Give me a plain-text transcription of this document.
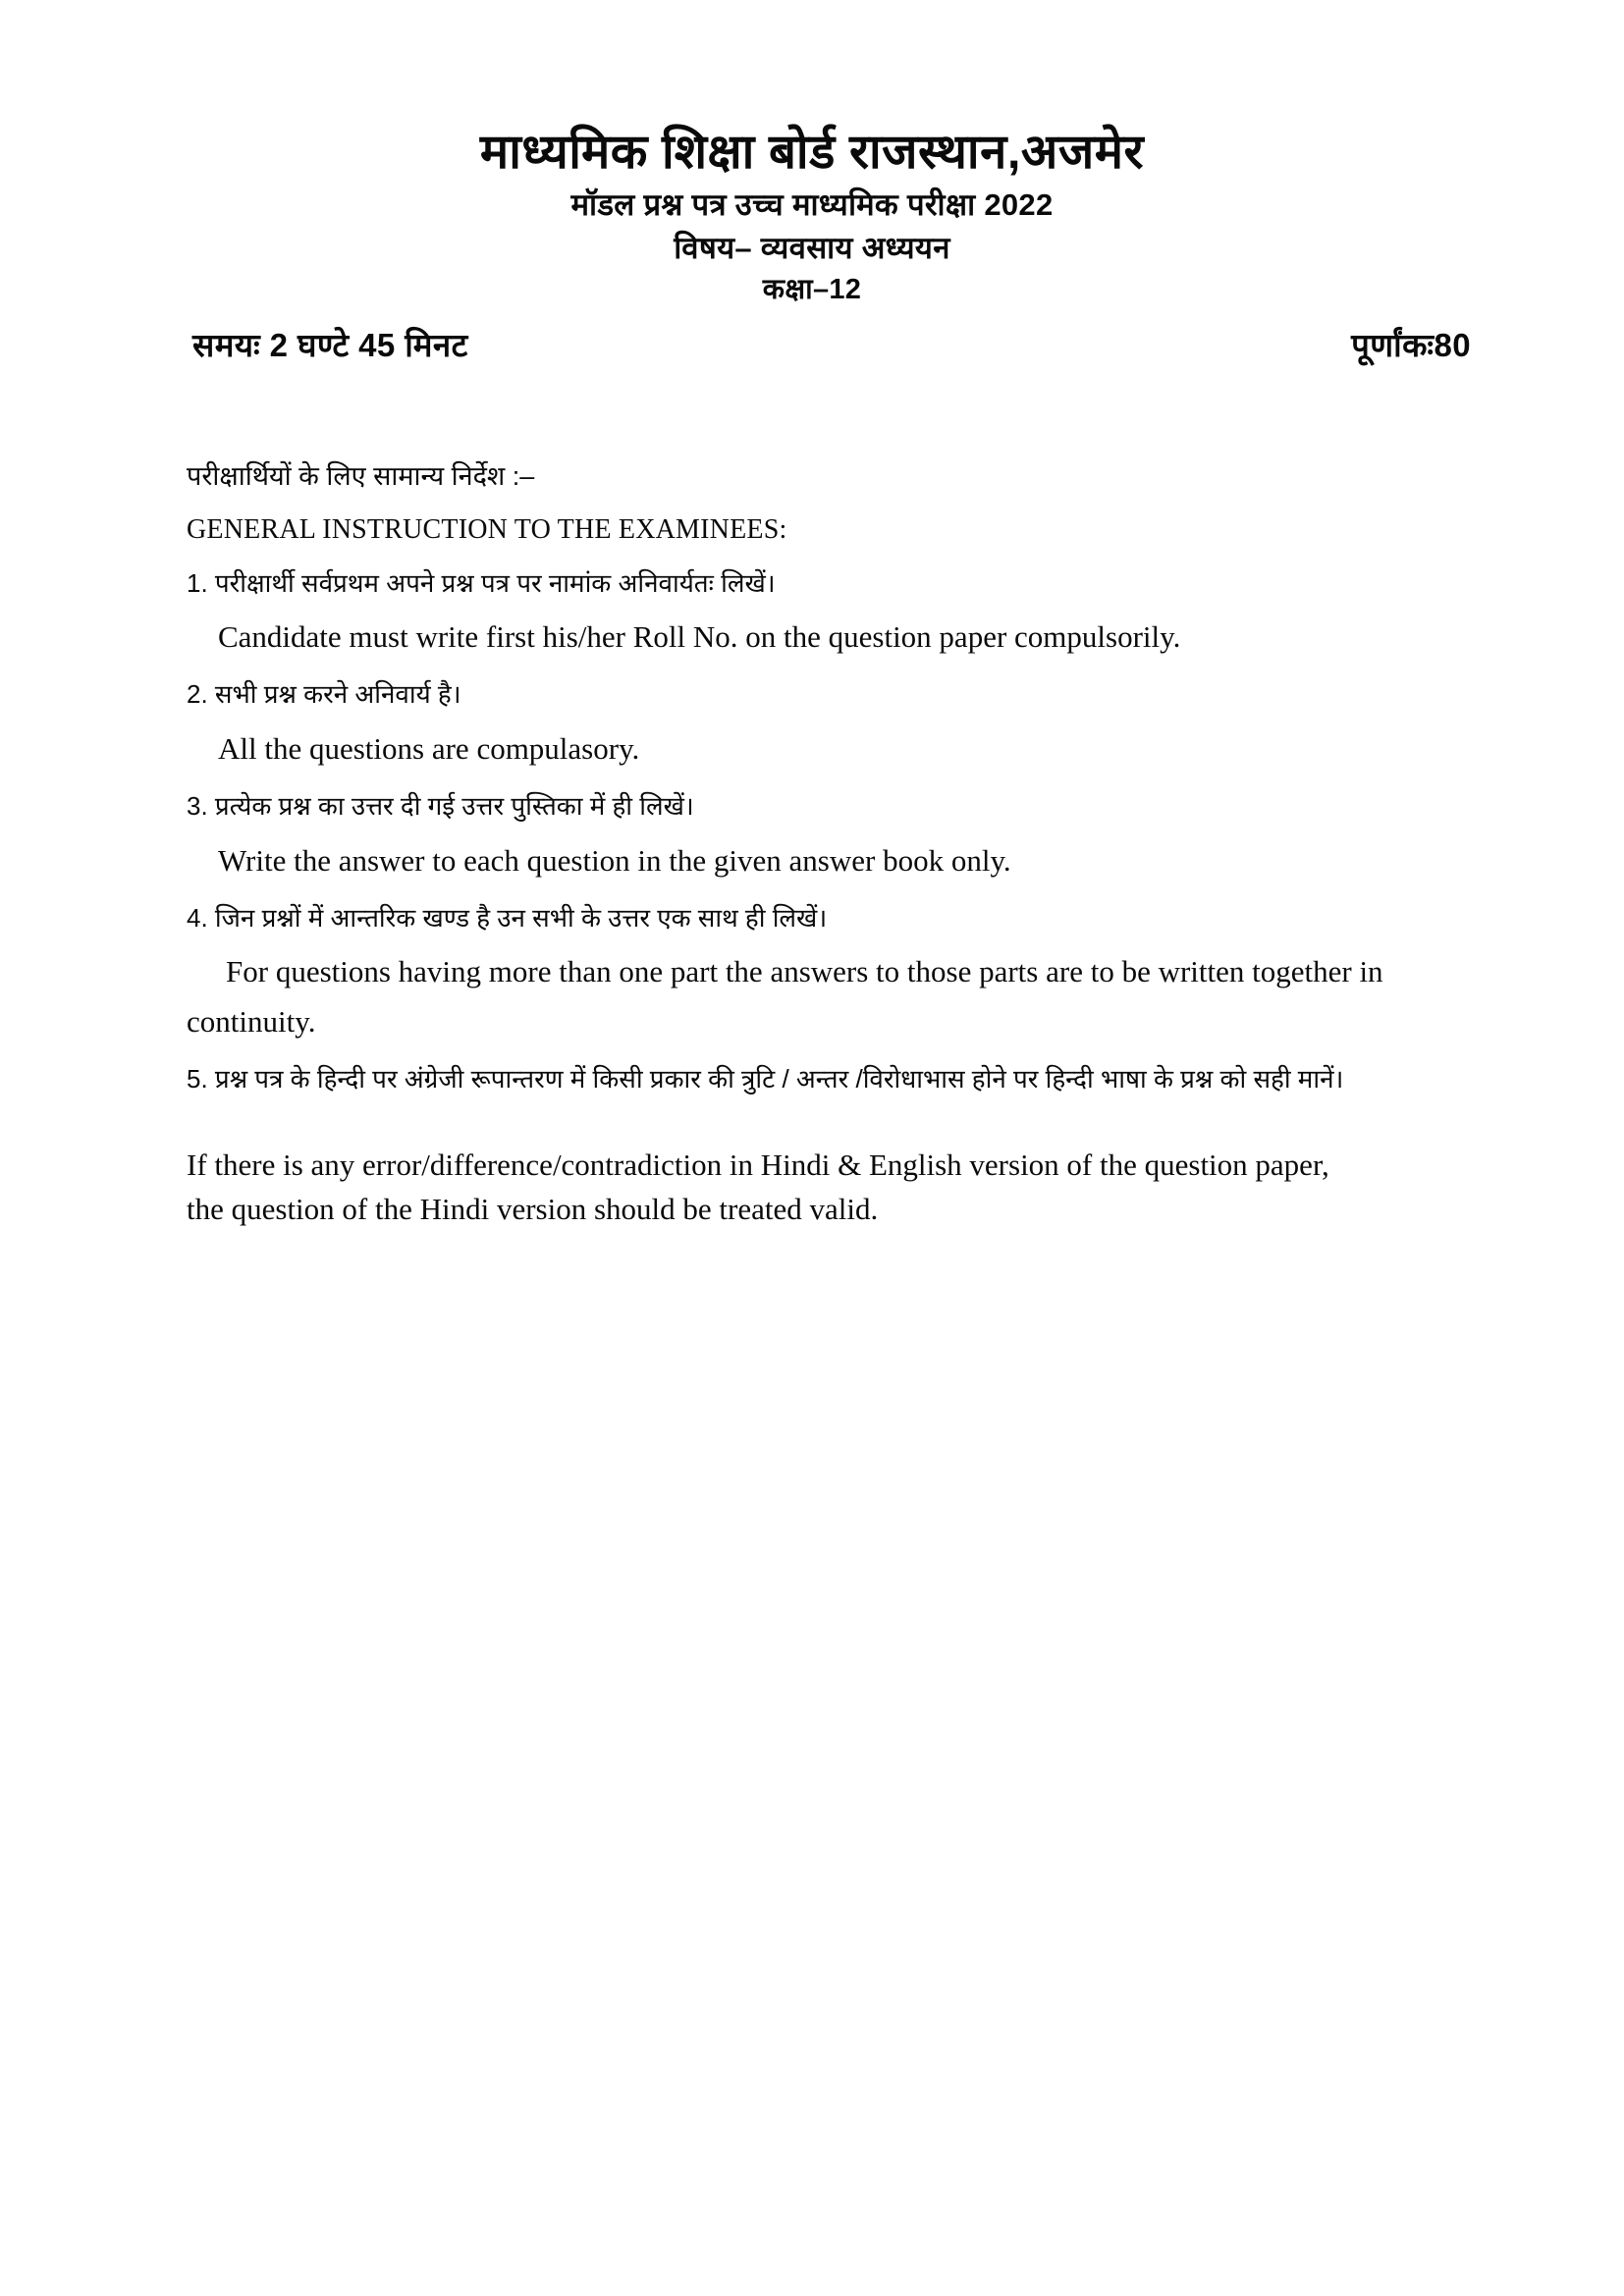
माध्यमिक शिक्षा बोर्ड राजस्थान,अजमेर
मॉडल प्रश्न पत्र उच्च माध्यमिक परीक्षा 2022
विषय– व्यवसाय अध्ययन
कक्षा–12
समयः 2 घण्टे 45 मिनट	पूर्णांकः80
परीक्षार्थियों के लिए सामान्य निर्देश :–
GENERAL INSTRUCTION TO THE EXAMINEES:
1. परीक्षार्थी सर्वप्रथम अपने प्रश्न पत्र पर नामांक अनिवार्यतः लिखें।
Candidate must write first his/her Roll No. on the question paper compulsorily.
2. सभी प्रश्न करने अनिवार्य है।
All the questions are compulasory.
3. प्रत्येक प्रश्न का उत्तर दी गई उत्तर पुस्तिका में ही लिखें।
Write the answer to each question in the given answer book only.
4. जिन प्रश्नों में आन्तरिक खण्ड है उन सभी के उत्तर एक साथ ही लिखें।
For questions having more than one part the answers to those parts are to be written together in continuity.
5. प्रश्न पत्र के हिन्दी पर अंग्रेजी रूपान्तरण में किसी प्रकार की त्रुटि / अन्तर /विरोधाभास होने पर हिन्दी भाषा के प्रश्न को सही मानें।
If there is any error/difference/contradiction in Hindi & English version of the question paper, the question of the Hindi version should be treated valid.
